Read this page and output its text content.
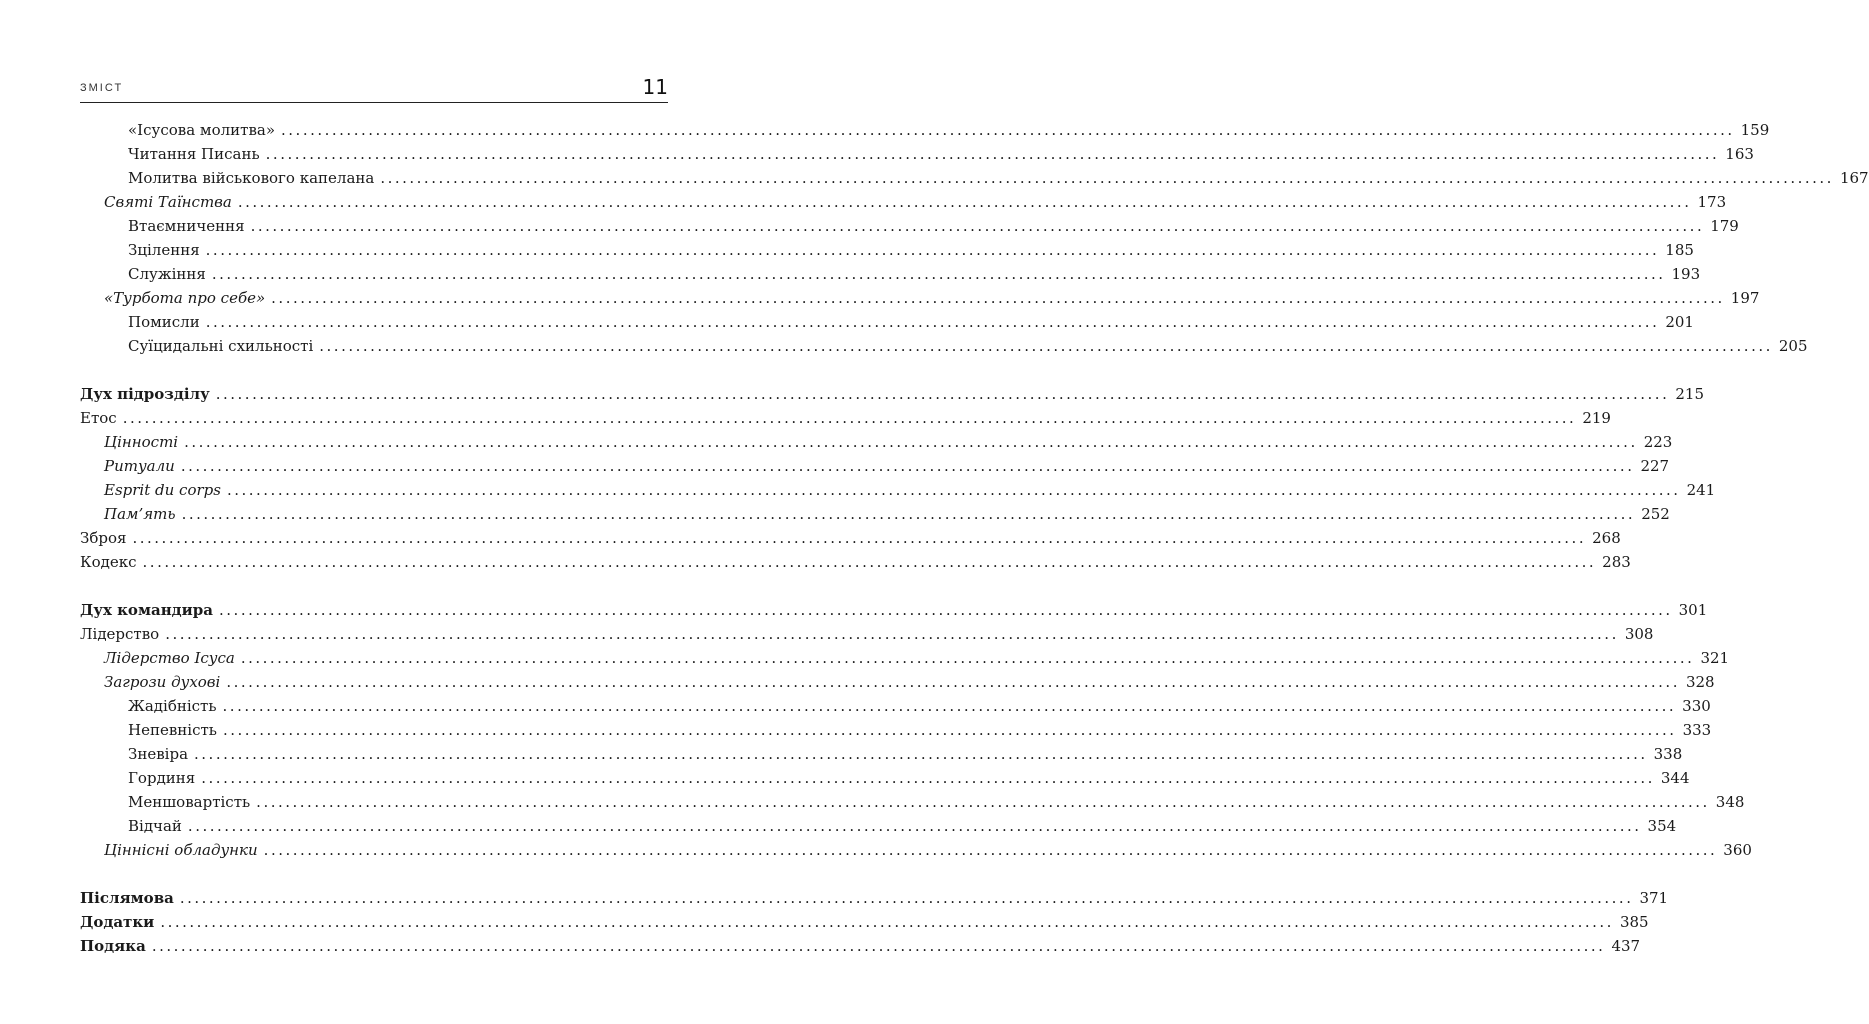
ЗМІСТ	11
«Ісусова молитва» ........................................................................................................................................................................................................ 159
Читання Писань ........................................................................................................................................................................................................ 163
Молитва військового капелана ........................................................................................................................................................................................................ 167
Святі Таїнства ........................................................................................................................................................................................................ 173
Втаємничення ........................................................................................................................................................................................................ 179
Зцілення ........................................................................................................................................................................................................ 185
Служіння ........................................................................................................................................................................................................ 193
«Турбота про себе» ........................................................................................................................................................................................................ 197
Помисли ........................................................................................................................................................................................................ 201
Суїцидальні схильності ........................................................................................................................................................................................................ 205
Дух підрозділу ........................................................................................................................................................................................................ 215
Етос ........................................................................................................................................................................................................ 219
Цінності ........................................................................................................................................................................................................ 223
Ритуали ........................................................................................................................................................................................................ 227
Esprit du corps ........................................................................................................................................................................................................ 241
Пам’ять ........................................................................................................................................................................................................ 252
Зброя ........................................................................................................................................................................................................ 268
Кодекс ........................................................................................................................................................................................................ 283
Дух командира ........................................................................................................................................................................................................ 301
Лідерство ........................................................................................................................................................................................................ 308
Лідерство Ісуса ........................................................................................................................................................................................................ 321
Загрози духові ........................................................................................................................................................................................................ 328
Жадібність ........................................................................................................................................................................................................ 330
Непевність ........................................................................................................................................................................................................ 333
Зневіра ........................................................................................................................................................................................................ 338
Гординя ........................................................................................................................................................................................................ 344
Меншовартість ........................................................................................................................................................................................................ 348
Відчай ........................................................................................................................................................................................................ 354
Ціннісні обладунки ........................................................................................................................................................................................................ 360
Післямова ........................................................................................................................................................................................................ 371
Додатки ........................................................................................................................................................................................................ 385
Подяка ........................................................................................................................................................................................................ 437
